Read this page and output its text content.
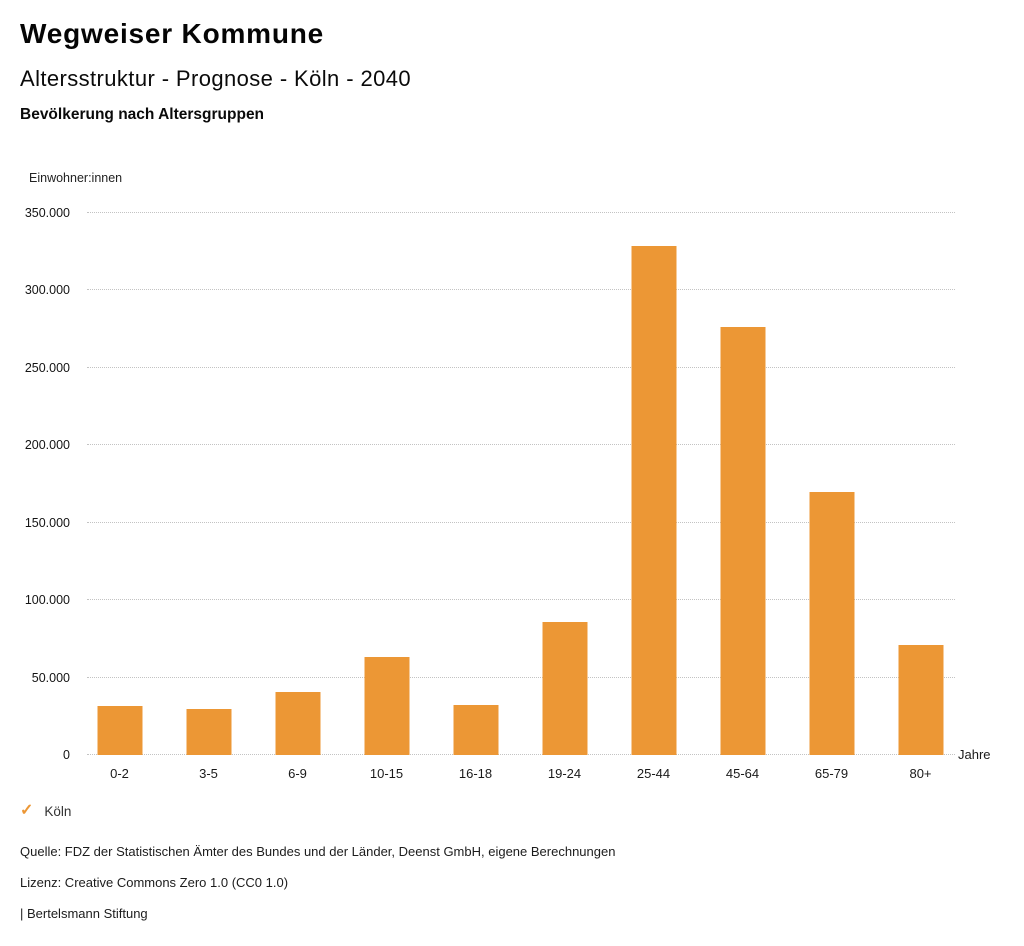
Wegweiser Kommune
Altersstruktur - Prognose - Köln - 2040
Bevölkerung nach Altersgruppen
Einwohner:innen
0
50.000
100.000
150.000
200.000
250.000
300.000
350.000
Jahre
0-2	3-5	6-9	10-15	16-18	19-24	25-44	45-64	65-79	80+
✓ Köln
Quelle: FDZ der Statistischen Ämter des Bundes und der Länder, Deenst GmbH, eigene Berechnungen
Lizenz: Creative Commons Zero 1.0 (CC0 1.0)
| Bertelsmann Stiftung
